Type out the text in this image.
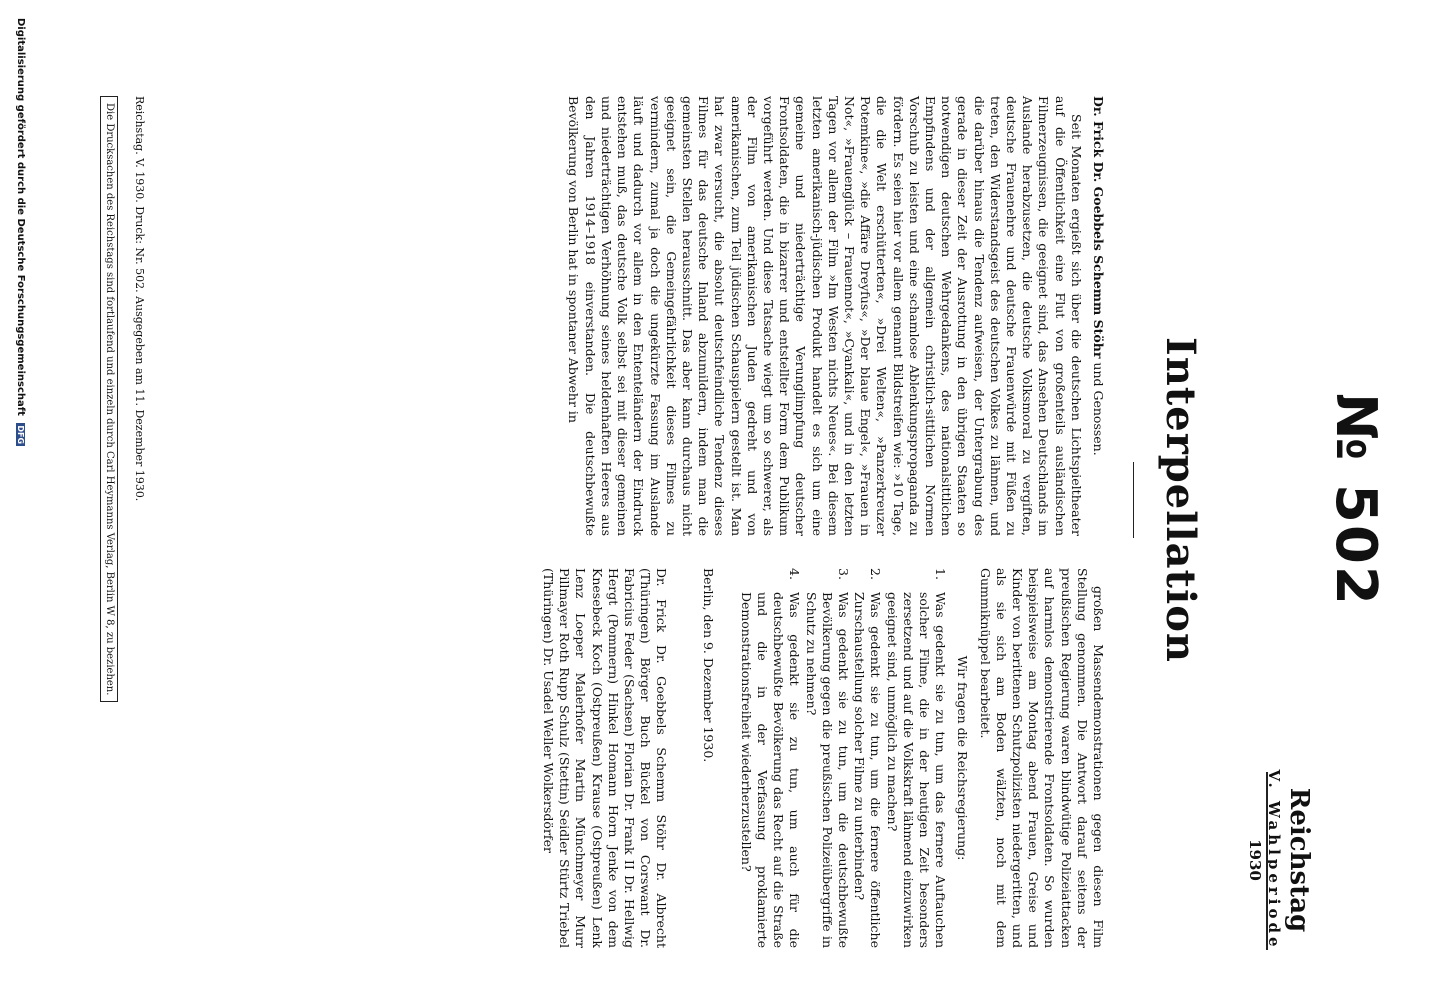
№ 502
Reichstag
V. Wahlperiode
1930
Interpellation
Dr. Frick Dr. Goebbels Schemm Stöhr und Genossen.

Seit Monaten ergießt sich über die deutschen Lichtspieltheater auf die Öffentlichkeit eine Flut von großenteils ausländischen Filmerzeugnissen, die geeignet sind, das Ansehen Deutschlands im Auslande herabzusetzen, die deutsche Volksmoral zu vergiften, deutsche Frauenehre und deutsche Frauenwürde mit Füßen zu treten, den Widerstandsgeist des deutschen Volkes zu lähmen, und die darüber hinaus die Tendenz aufweisen, der Untergrabung des gerade in dieser Zeit der Ausrottung in den übrigen Staaten so notwendigen deutschen Wehrgedankens, des nationalsittlichen Empfindens und der allgemein christlich-sittlichen Normen Vorschub zu leisten und eine schamlose Ablenkungspropaganda zu fördern. Es seien hier vor allem genannt Bildstreifen wie: »10 Tage, die die Welt erschütterten«, »Drei Welten«, »Panzerkreuzer Potemkine«, »die Affäre Dreyfus«, »Der blaue Engel«, »Frauen in Not«, »Frauenglück – Frauennot«, »Cyankali«, und in den letzten Tagen vor allem der Film »Im Westen nichts Neues«. Bei diesem letzten amerikanisch-jüdischen Produkt handelt es sich um eine gemeine und niederträchtige Verunglimpfung deutscher Frontsoldaten, die in bizarrer und entstellter Form dem Publikum vorgeführt werden. Und diese Tatsache wiegt um so schwerer, als der Film von amerikanischen Juden gedreht und von amerikanischen, zum Teil jüdischen Schauspielern gestellt ist. Man hat zwar versucht, die absolut deutschfeindliche Tendenz dieses Filmes für das deutsche Inland abzumildern, indem man die gemeinsten Stellen herausschnitt. Das aber kann durchaus nicht geeignet sein, die Gemeingefährlichkeit dieses Filmes zu vermindern, zumal ja doch die ungekürzte Fassung im Auslande läuft und dadurch vor allem in den Ententeländern der Eindruck entstehen muß, das deutsche Volk selbst sei mit dieser gemeinen und niederträchtigen Verhöhnung seines heldenhaften Heeres aus den Jahren 1914–1918 einverstanden. Die deutschbewußte Bevölkerung von Berlin hat in spontaner Abwehr in

großen Massendemonstrationen gegen diesen Film Stellung genommen. Die Antwort darauf seitens der preußischen Regierung waren blindwütige Polizeiattacken auf harmlos demonstrierende Frontsoldaten. So wurden beispielsweise am Montag abend Frauen, Greise und Kinder von berittenen Schutzpolizisten niedergeritten, und als sie sich am Boden wälzten, noch mit dem Gummiknüppel bearbeitet.

Wir fragen die Reichsregierung:

1.
Was gedenkt sie zu tun, um das fernere Auftauchen solcher Filme, die in der heutigen Zeit besonders zersetzend und auf die Volkskraft lähmend einzuwirken geeignet sind, unmöglich zu machen?
2.
Was gedenkt sie zu tun, um die fernere öffentliche Zurschaustellung solcher Filme zu unterbinden?
3.
Was gedenkt sie zu tun, um die deutschbewußte Bevölkerung gegen die preußischen Polizeiübergriffe in Schutz zu nehmen?
4.
Was gedenkt sie zu tun, um auch für die deutschbewußte Bevölkerung das Recht auf die Straße und die in der Verfassung proklamierte Demonstrationsfreiheit wiederherzustellen?

Berlin, den 9. Dezember 1930.

Dr. Frick Dr. Goebbels Schemm Stöhr Dr. Albrecht (Thüringen) Börger Buch Bückel von Corswant Dr. Fabricius Feder (Sachsen) Florian Dr. Frank II Dr. Hellwig Hergt (Pommern) Hinkel Homann Horn Jenke von dem Knesebeck Koch (Ostpreußen) Krause (Ostpreußen) Lenk Lenz Loeper Malerhofer Martin Münchmeyer Murr Pillmayer Roth Rupp Schulz (Stettin) Seidler Stürtz Triebel (Thüringen) Dr. Usadel Weller Wolkersdörfer

Reichstag. V. 1930. Druck: Nr. 502. Ausgegeben am 11. Dezember 1930.
Die Drucksachen des Reichstags sind fortlaufend und einzeln durch Carl Heymanns Verlag, Berlin W 8, zu beziehen.
Digitalisierung gefördert durch die Deutsche Forschungsgemeinschaft DFG
